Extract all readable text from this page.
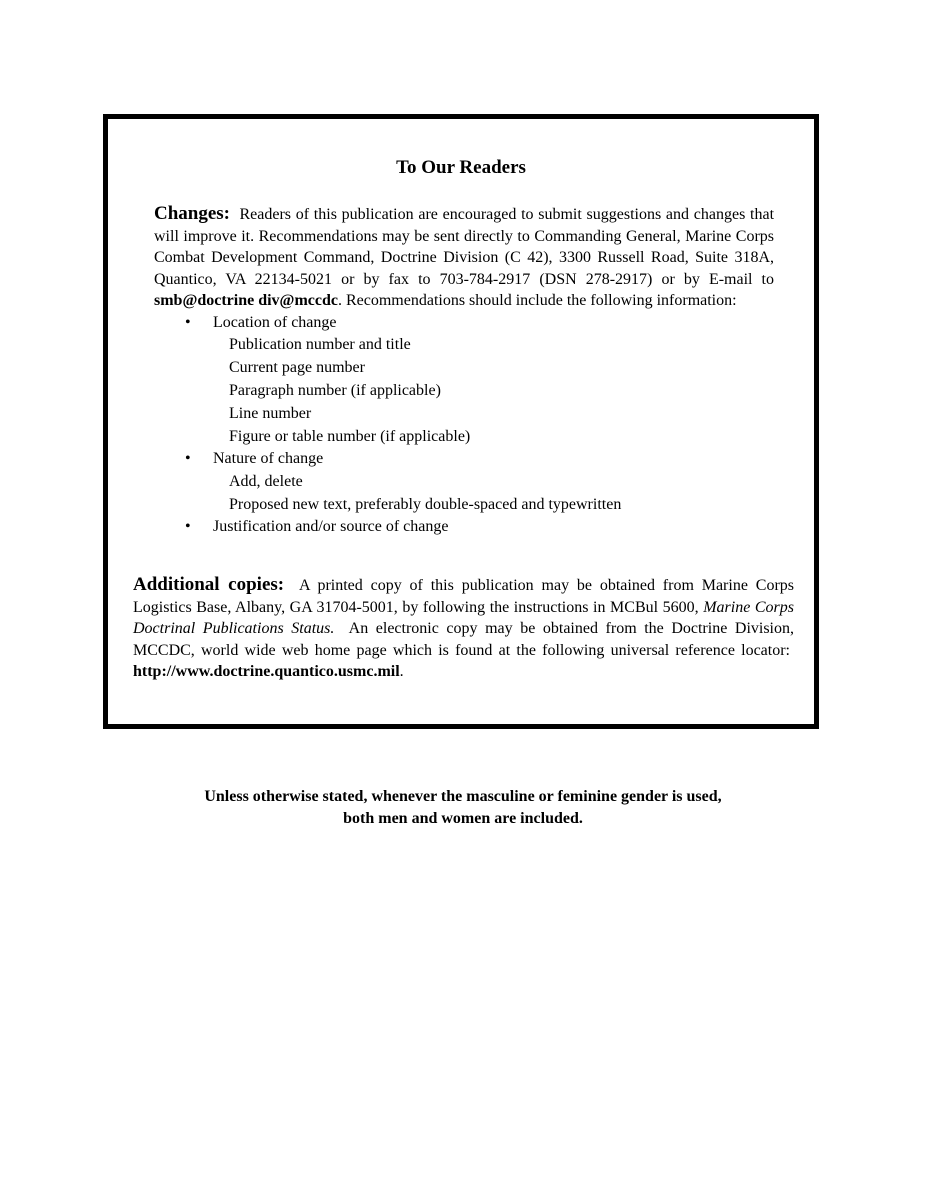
To Our Readers

Changes: Readers of this publication are encouraged to submit suggestions and changes that will improve it. Recommendations may be sent directly to Commanding General, Marine Corps Combat Development Command, Doctrine Division (C 42), 3300 Russell Road, Suite 318A, Quantico, VA 22134-5021 or by fax to 703-784-2917 (DSN 278-2917) or by E-mail to smb@doctrine div@mccdc. Recommendations should include the following information:

• Location of change
Publication number and title
Current page number
Paragraph number (if applicable)
Line number
Figure or table number (if applicable)
• Nature of change
Add, delete
Proposed new text, preferably double-spaced and typewritten
• Justification and/or source of change

Additional copies: A printed copy of this publication may be obtained from Marine Corps Logistics Base, Albany, GA 31704-5001, by following the instructions in MCBul 5600, Marine Corps Doctrinal Publications Status. An electronic copy may be obtained from the Doctrine Division, MCCDC, world wide web home page which is found at the following universal reference locator:  http://www.doctrine.quantico.usmc.mil.

Unless otherwise stated, whenever the masculine or feminine gender is used,
both men and women are included.
